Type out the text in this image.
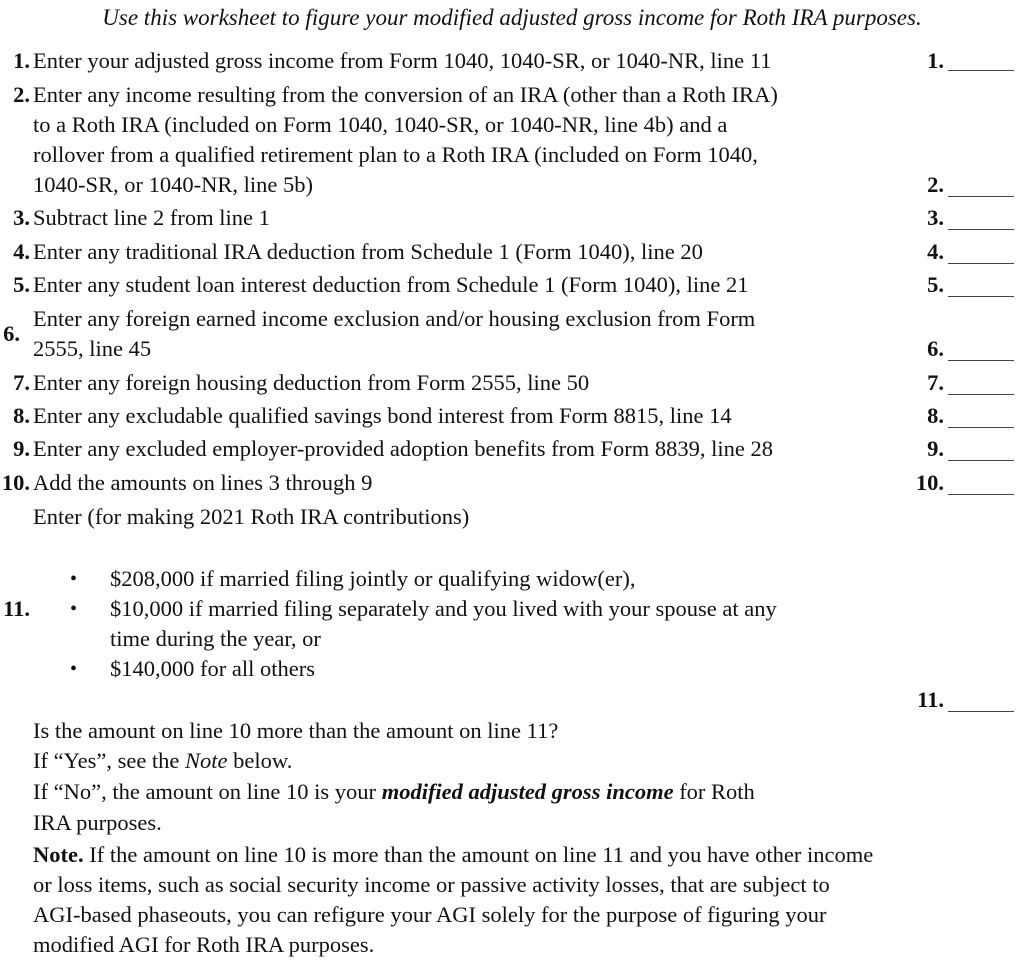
Use this worksheet to figure your modified adjusted gross income for Roth IRA purposes.
1. Enter your adjusted gross income from Form 1040, 1040-SR, or 1040-NR, line 11	1.
2. Enter any income resulting from the conversion of an IRA (other than a Roth IRA)
to a Roth IRA (included on Form 1040, 1040-SR, or 1040-NR, line 4b) and a
rollover from a qualified retirement plan to a Roth IRA (included on Form 1040,
1040-SR, or 1040-NR, line 5b)	2.
3. Subtract line 2 from line 1	3.
4. Enter any traditional IRA deduction from Schedule 1 (Form 1040), line 20	4.
5. Enter any student loan interest deduction from Schedule 1 (Form 1040), line 21	5.
6.
Enter any foreign earned income exclusion and/or housing exclusion from Form
2555, line 45	6.
7. Enter any foreign housing deduction from Form 2555, line 50	7.
8. Enter any excludable qualified savings bond interest from Form 8815, line 14	8.
9. Enter any excluded employer-provided adoption benefits from Form 8839, line 28	9.
10. Add the amounts on lines 3 through 9	10.
Enter (for making 2021 Roth IRA contributions)
11.
• $208,000 if married filing jointly or qualifying widow(er),
• $10,000 if married filing separately and you lived with your spouse at any
time during the year, or
• $140,000 for all others
11.
Is the amount on line 10 more than the amount on line 11?
If “Yes”, see the Note below.
If “No”, the amount on line 10 is your modified adjusted gross income for Roth
IRA purposes.
Note. If the amount on line 10 is more than the amount on line 11 and you have other income
or loss items, such as social security income or passive activity losses, that are subject to
AGI-based phaseouts, you can refigure your AGI solely for the purpose of figuring your
modified AGI for Roth IRA purposes.
